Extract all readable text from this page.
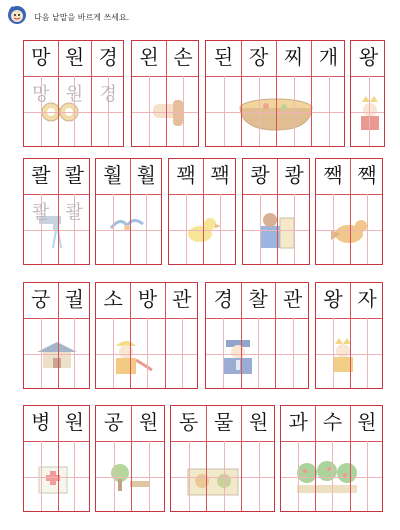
다음 낱말을 바르게 쓰세요.
망
망
원
원
경
경
왼 손	된 장 찌 개	왕
콸
콸
콸
콸
훨 훨	꽥 꽥	쾅 쾅 짹 짹
궁 궐 소 방 관	경 찰 관	왕 자
병 원 공 원	동 물 원	과 수 원
